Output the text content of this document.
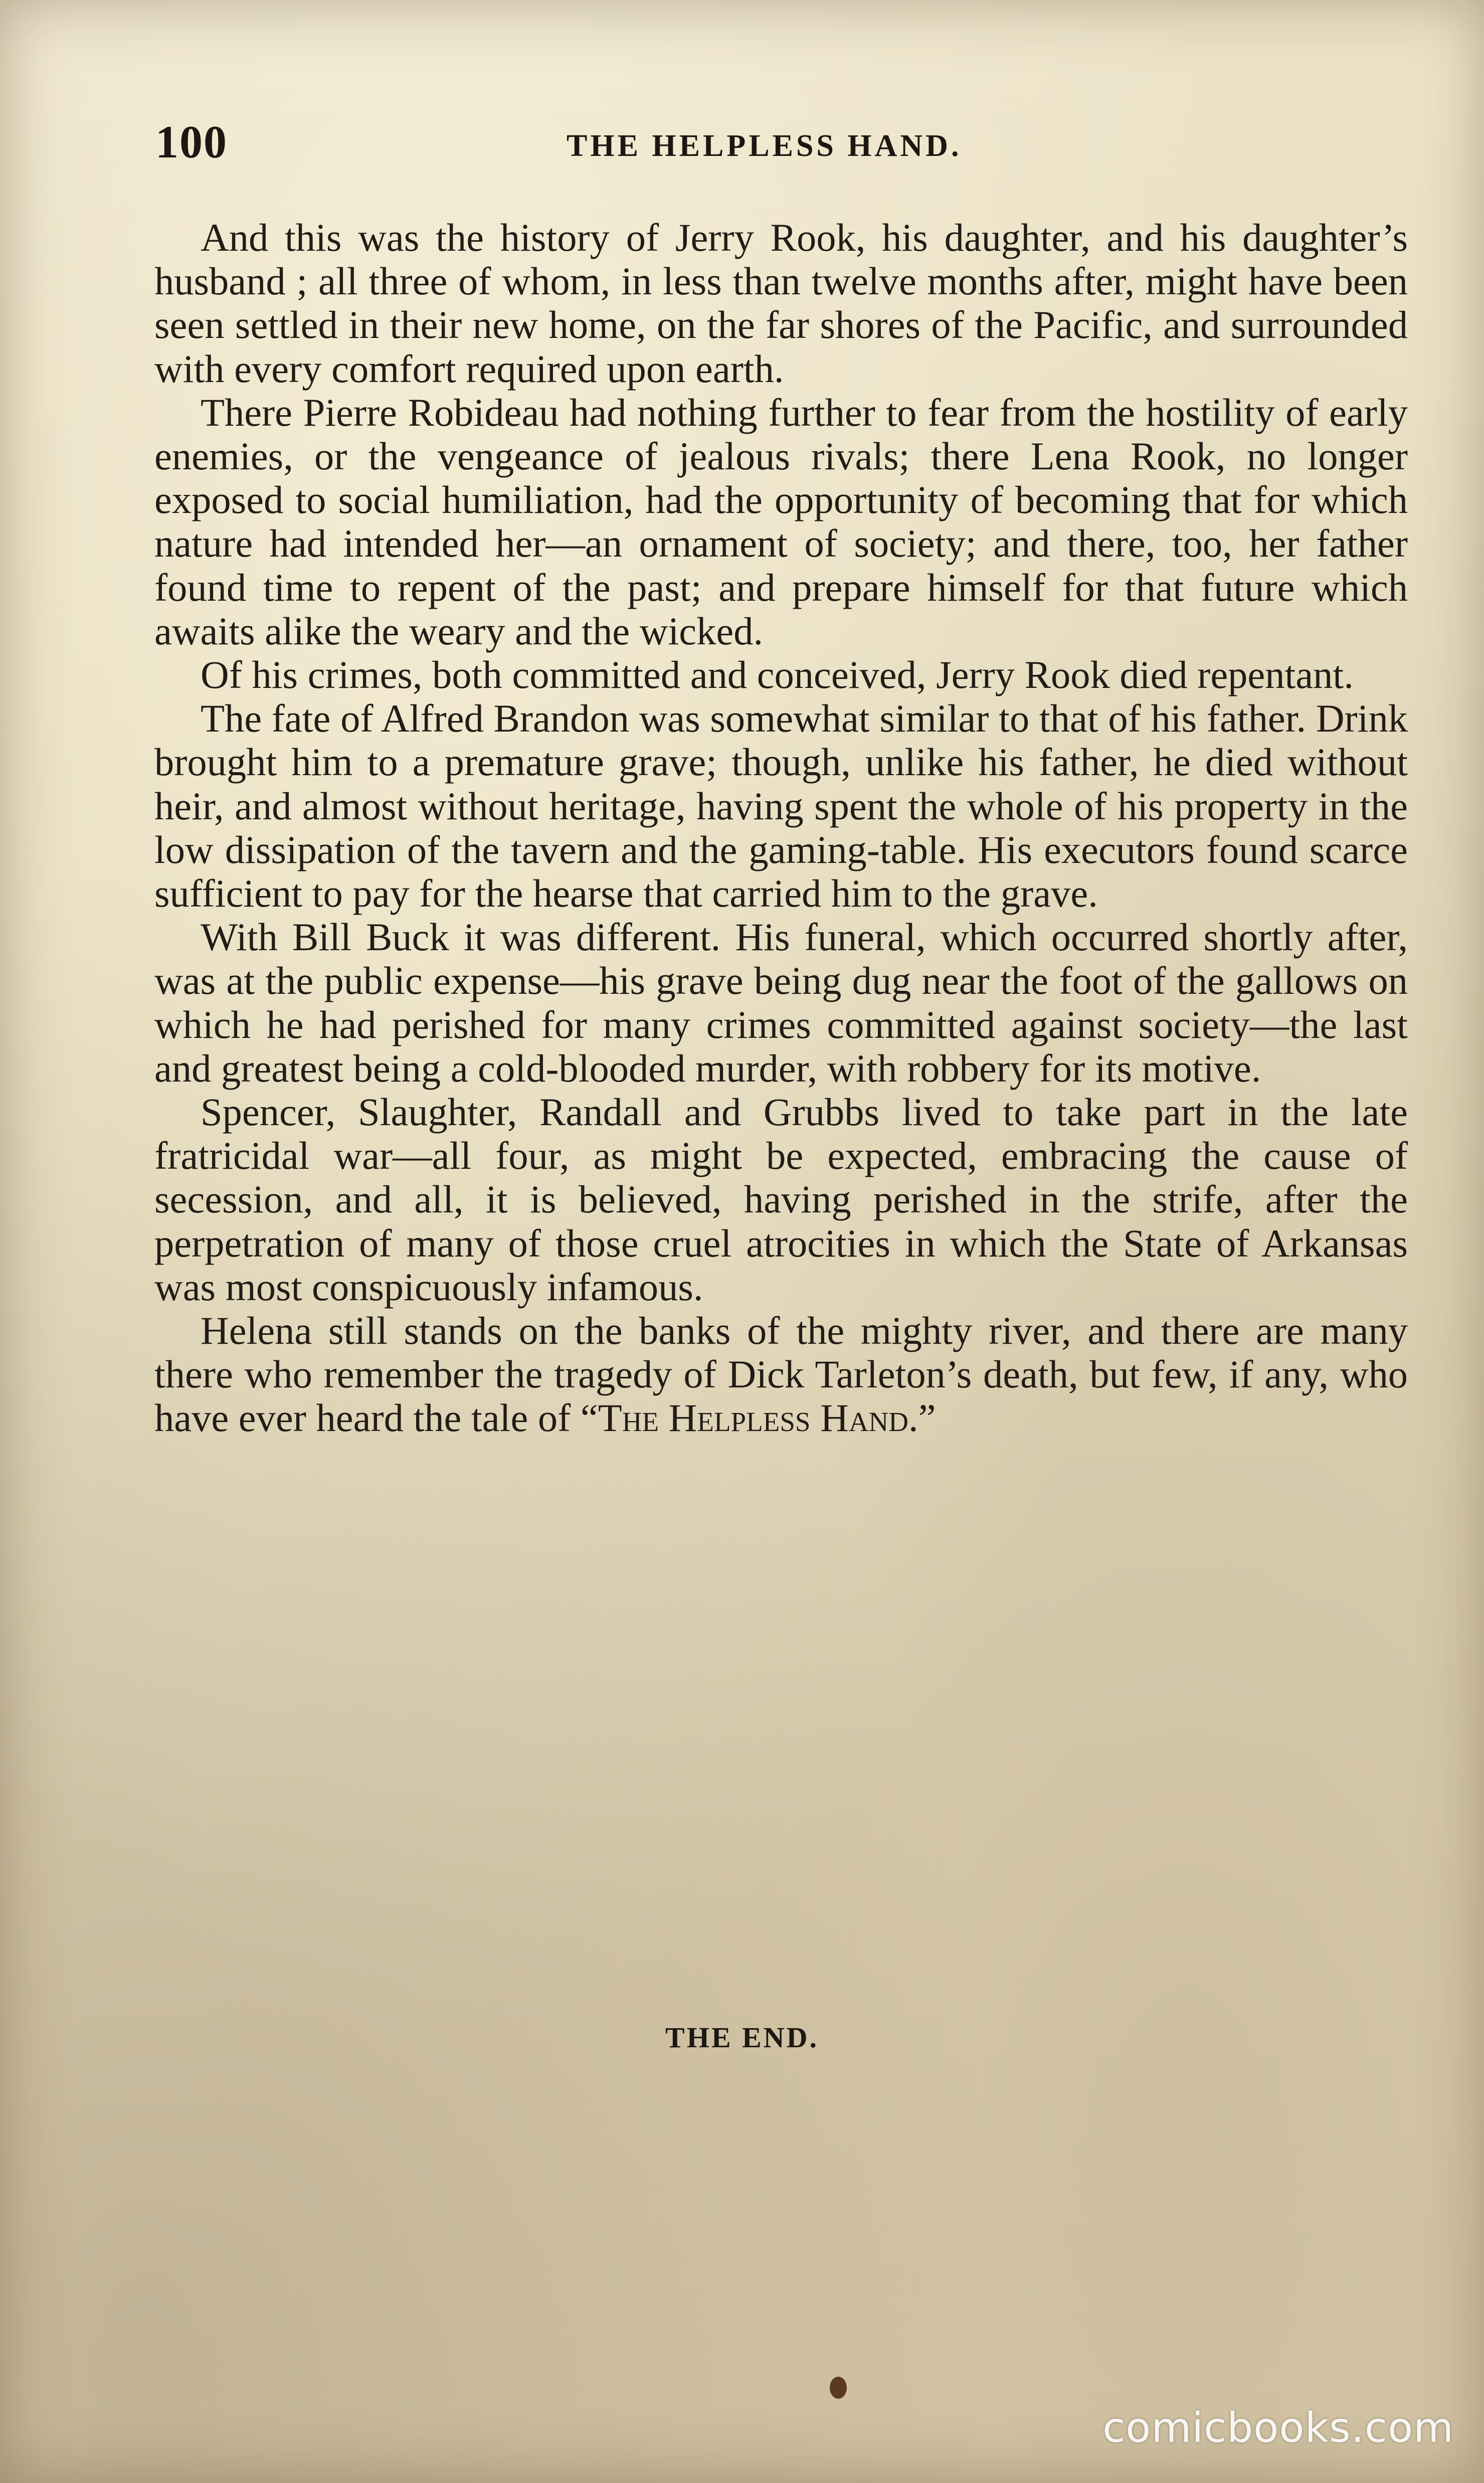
100	THE HELPLESS HAND.

And this was the history of Jerry Rook, his daughter, and his daughter’s husband ; all three of whom, in less than twelve months after, might have been seen settled in their new home, on the far shores of the Pacific, and surrounded with every comfort required upon earth.

There Pierre Robideau had nothing further to fear from the hostility of early enemies, or the vengeance of jealous rivals; there Lena Rook, no longer exposed to social humiliation, had the opportunity of becoming that for which nature had intended her—an ornament of society; and there, too, her father found time to repent of the past; and prepare himself for that future which awaits alike the weary and the wicked.

Of his crimes, both committed and conceived, Jerry Rook died repentant.

The fate of Alfred Brandon was somewhat similar to that of his father. Drink brought him to a premature grave; though, unlike his father, he died without heir, and almost without heritage, having spent the whole of his property in the low dissipation of the tavern and the gaming-table. His executors found scarce sufficient to pay for the hearse that carried him to the grave.

With Bill Buck it was different. His funeral, which occurred shortly after, was at the public expense—his grave being dug near the foot of the gallows on which he had perished for many crimes committed against society—the last and greatest being a cold-blooded murder, with robbery for its motive.

Spencer, Slaughter, Randall and Grubbs lived to take part in the late fratricidal war—all four, as might be expected, embracing the cause of secession, and all, it is believed, having perished in the strife, after the perpetration of many of those cruel atrocities in which the State of Arkansas was most conspicuously infamous.

Helena still stands on the banks of the mighty river, and there are many there who remember the tragedy of Dick Tarleton’s death, but few, if any, who have ever heard the tale of “The Helpless Hand.”

THE END.
comicbooks.com
